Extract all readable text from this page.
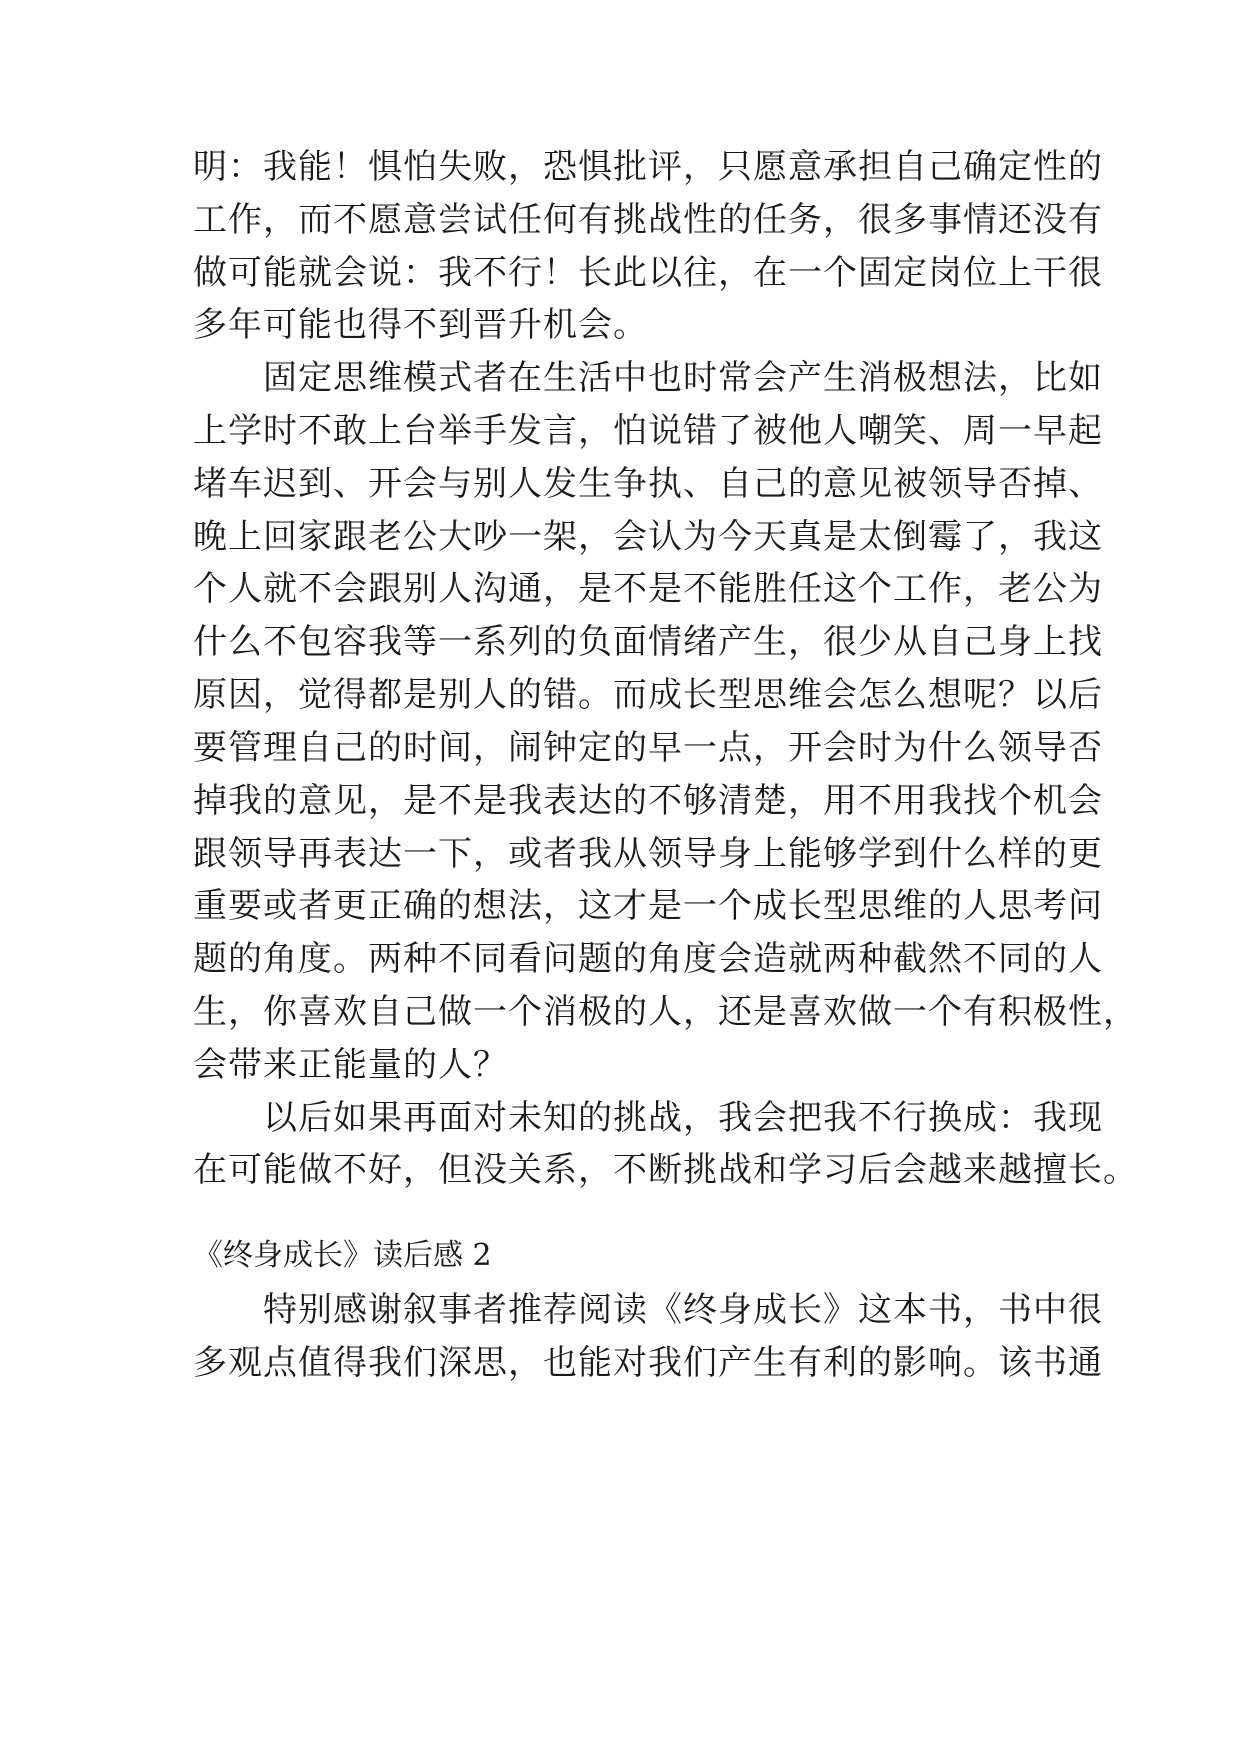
明：我能！惧怕失败，恐惧批评，只愿意承担自己确定性的
工作，而不愿意尝试任何有挑战性的任务，很多事情还没有
做可能就会说：我不行！长此以往，在一个固定岗位上干很
多年可能也得不到晋升机会。
　　固定思维模式者在生活中也时常会产生消极想法，比如
上学时不敢上台举手发言，怕说错了被他人嘲笑、周一早起
堵车迟到、开会与别人发生争执、自己的意见被领导否掉、
晚上回家跟老公大吵一架，会认为今天真是太倒霉了，我这
个人就不会跟别人沟通，是不是不能胜任这个工作，老公为
什么不包容我等一系列的负面情绪产生，很少从自己身上找
原因，觉得都是别人的错。而成长型思维会怎么想呢？以后
要管理自己的时间，闹钟定的早一点，开会时为什么领导否
掉我的意见，是不是我表达的不够清楚，用不用我找个机会
跟领导再表达一下，或者我从领导身上能够学到什么样的更
重要或者更正确的想法，这才是一个成长型思维的人思考问
题的角度。两种不同看问题的角度会造就两种截然不同的人
生，你喜欢自己做一个消极的人，还是喜欢做一个有积极性，
会带来正能量的人？
　　以后如果再面对未知的挑战，我会把我不行换成：我现
在可能做不好，但没关系，不断挑战和学习后会越来越擅长。
《终身成长》读后感 2
　　特别感谢叙事者推荐阅读《终身成长》这本书，书中很
多观点值得我们深思，也能对我们产生有利的影响。该书通
